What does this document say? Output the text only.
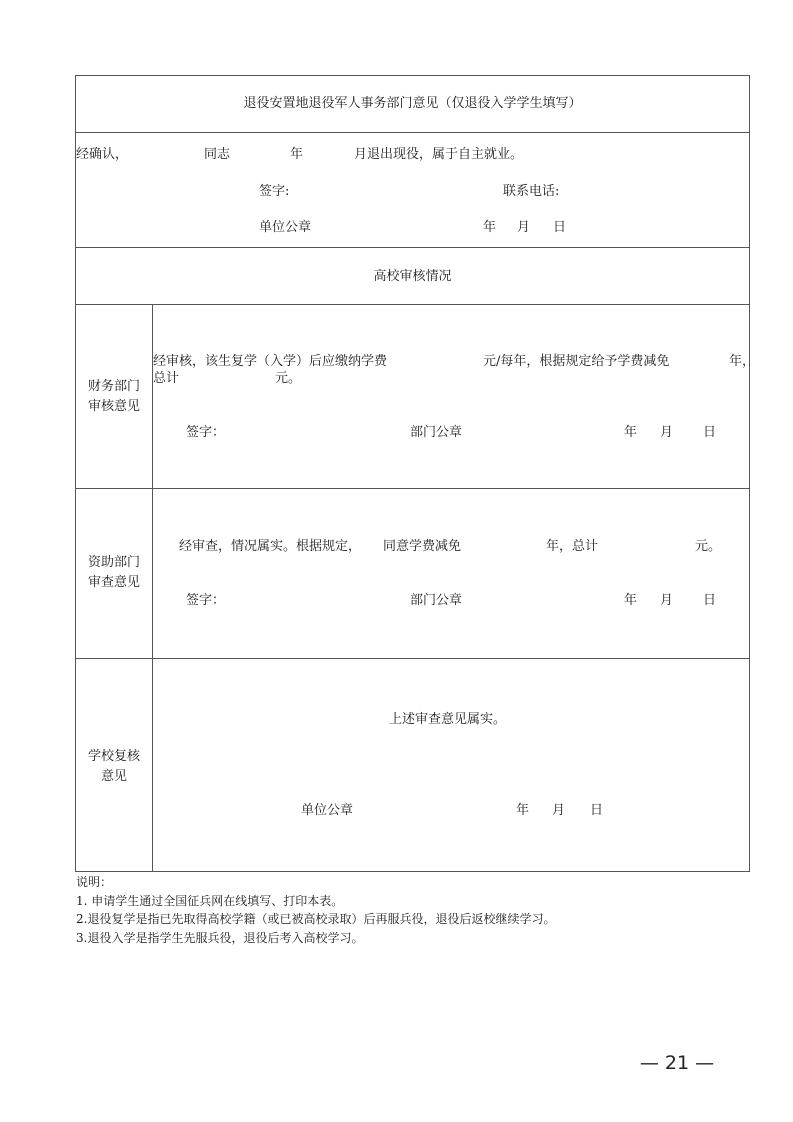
退役安置地退役军人事务部门意见（仅退役入学学生填写）
经确认，	同志	年	月退出现役，属于自主就业。
签字:	联系电话:
单位公章	年 月 日
高校审核情况
财务部门
审核意见
经审核，该生复学（入学）后应缴纳学费	元/每年，根据规定给予学费减免	年，
总计	元。
签字：	部门公章	年 月 日
资助部门
审查意见
经审查，情况属实。根据规定， 同意学费减免	年，总计	元。
签字：	部门公章	年 月 日
学校复核
意见
上述审查意见属实。
单位公章	年 月 日
说明：
1. 申请学生通过全国征兵网在线填写、打印本表。
2.退役复学是指已先取得高校学籍（或已被高校录取）后再服兵役，退役后返校继续学习。
3.退役入学是指学生先服兵役，退役后考入高校学习。
— 21 —
